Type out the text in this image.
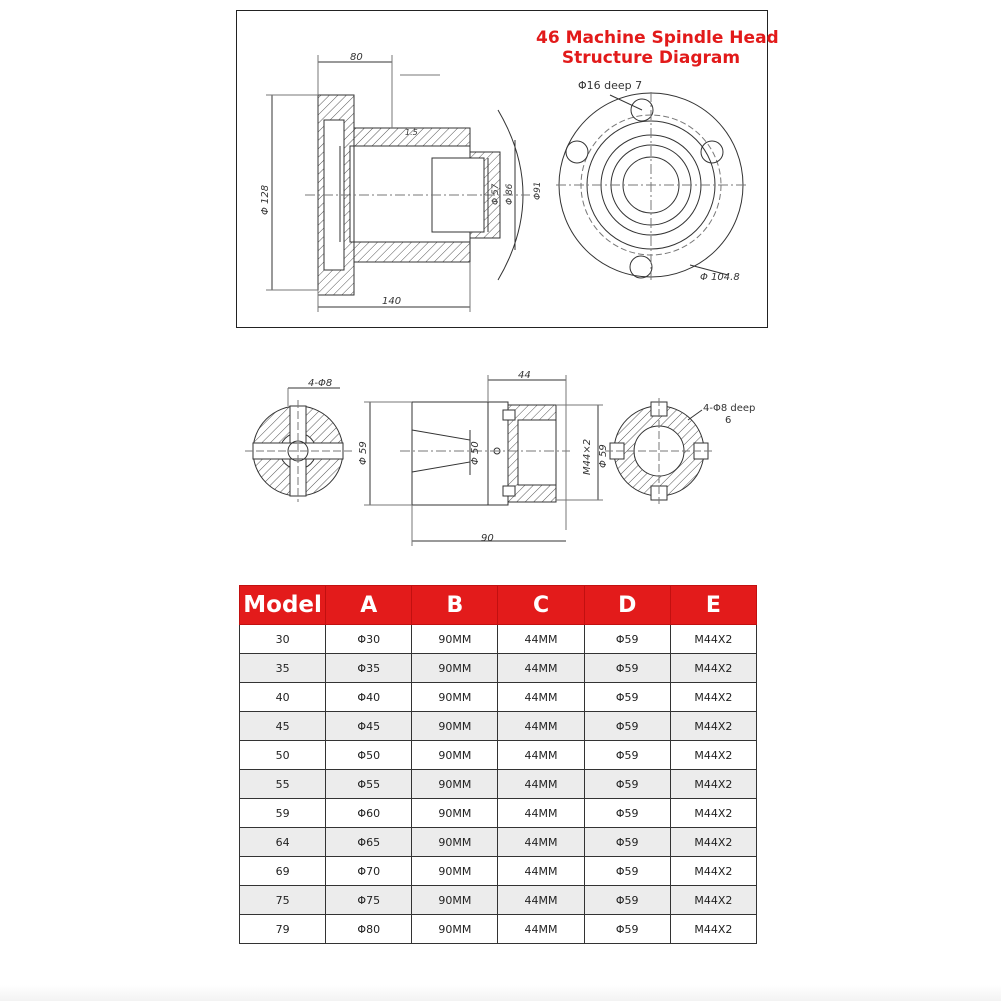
46 Machine Spindle Head
Structure Diagram
80
140
Φ 128	Φ 57 Φ 86 Φ91
1.5
Φ16 deep 7
Φ 104.8
4-Φ8
44
Φ 59	Φ 50	M44×2 Φ 59
90
4-Φ8 deep
6
Model	A	B	C	D	E
30	Φ30	90MM	44MM	Φ59	M44X2
35	Φ35	90MM	44MM	Φ59	M44X2
40	Φ40	90MM	44MM	Φ59	M44X2
45	Φ45	90MM	44MM	Φ59	M44X2
50	Φ50	90MM	44MM	Φ59	M44X2
55	Φ55	90MM	44MM	Φ59	M44X2
59	Φ60	90MM	44MM	Φ59	M44X2
64	Φ65	90MM	44MM	Φ59	M44X2
69	Φ70	90MM	44MM	Φ59	M44X2
75	Φ75	90MM	44MM	Φ59	M44X2
79	Φ80	90MM	44MM	Φ59	M44X2
